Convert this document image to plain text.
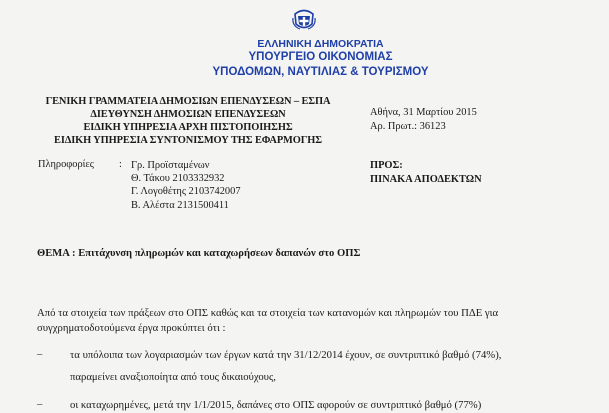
ΕΛΛΗΝΙΚΗ ΔΗΜΟΚΡΑΤΙΑ
ΥΠΟΥΡΓΕΙΟ ΟΙΚΟΝΟΜΙΑΣ
ΥΠΟΔΟΜΩΝ, ΝΑΥΤΙΛΙΑΣ & ΤΟΥΡΙΣΜΟΥ
ΓΕΝΙΚΗ ΓΡΑΜΜΑΤΕΙΑ ΔΗΜΟΣΙΩΝ ΕΠΕΝΔΥΣΕΩΝ – ΕΣΠΑ
ΔΙΕΥΘΥΝΣΗ ΔΗΜΟΣΙΩΝ ΕΠΕΝΔΥΣΕΩΝ
ΕΙΔΙΚΗ ΥΠΗΡΕΣΙΑ ΑΡΧΗ ΠΙΣΤΟΠΟΙΗΣΗΣ
ΕΙΔΙΚΗ ΥΠΗΡΕΣΙΑ ΣΥΝΤΟΝΙΣΜΟΥ ΤΗΣ ΕΦΑΡΜΟΓΗΣ
Αθήνα, 31 Μαρτίου 2015
Αρ. Πρωτ.: 36123
Πληροφορίες : Γρ. Προϊσταμένων
Θ. Τάκου 2103332932
Γ. Λογοθέτης 2103742007
Β. Αλέστα 2131500411
ΠΡΟΣ:
ΠΙΝΑΚΑ ΑΠΟΔΕΚΤΩΝ
ΘΕΜΑ : Επιτάχυνση πληρωμών και καταχωρήσεων δαπανών στο ΟΠΣ
Από τα στοιχεία των πράξεων στο ΟΠΣ καθώς και τα στοιχεία των κατανομών και πληρωμών του ΠΔΕ για
συγχρηματοδοτούμενα έργα προκύπτει ότι :
–	τα υπόλοιπα των λογαριασμών των έργων κατά την 31/12/2014 έχουν, σε συντριπτικό βαθμό (74%),
παραμείνει αναξιοποίητα από τους δικαιούχους,
–	οι καταχωρημένες, μετά την 1/1/2015, δαπάνες στο ΟΠΣ αφορούν σε συντριπτικό βαθμό (77%)
